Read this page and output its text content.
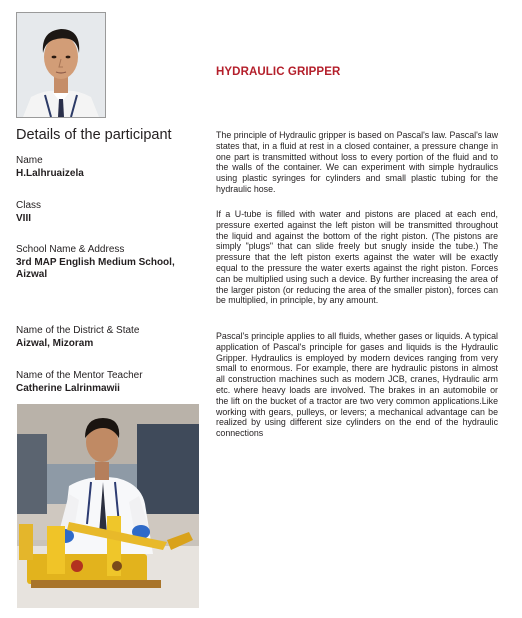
HYDRAULIC GRIPPER
Details of the participant
Name
H.Lalhruaizela
Class
VIII
School Name & Address
3rd MAP English Medium School,
Aizwal
Name of the District & State
Aizwal, Mizoram
Name of the Mentor Teacher
Catherine Lalrinmawii

The principle of Hydraulic gripper is based on Pascal's law. Pascal's law states that, in a fluid at rest in a closed container, a pressure change in one part is transmitted without loss to every portion of the fluid and to the walls of the container. We can experiment with simple hydraulics using plastic syringes for cylinders and small plastic tubing for the hydraulic hose.

If a U-tube is filled with water and pistons are placed at each end, pressure exerted against the left piston will be transmitted throughout the liquid and against the bottom of the right piston. (The pistons are simply "plugs" that can slide freely but snugly inside the tube.) The pressure that the left piston exerts against the water will be exactly equal to the pressure the water exerts against the right piston. Forces can be multiplied using such a device. By further increasing the area of the larger piston (or reducing the area of the smaller piston), forces can be multiplied, in principle, by any amount.

Pascal's principle applies to all fluids, whether gases or liquids. A typical application of Pascal's principle for gases and liquids is the Hydraulic Gripper. Hydraulics is employed by modern devices ranging from very small to enormous. For example, there are hydraulic pistons in almost all construction machines such as modern JCB, cranes, Hydraulic arm etc. where heavy loads are involved. The brakes in an automobile or the lift on the bucket of a tractor are two very common applications.Like working with gears, pulleys, or levers; a mechanical advantage can be realized by using different size cylinders on the end of the hydraulic connections
